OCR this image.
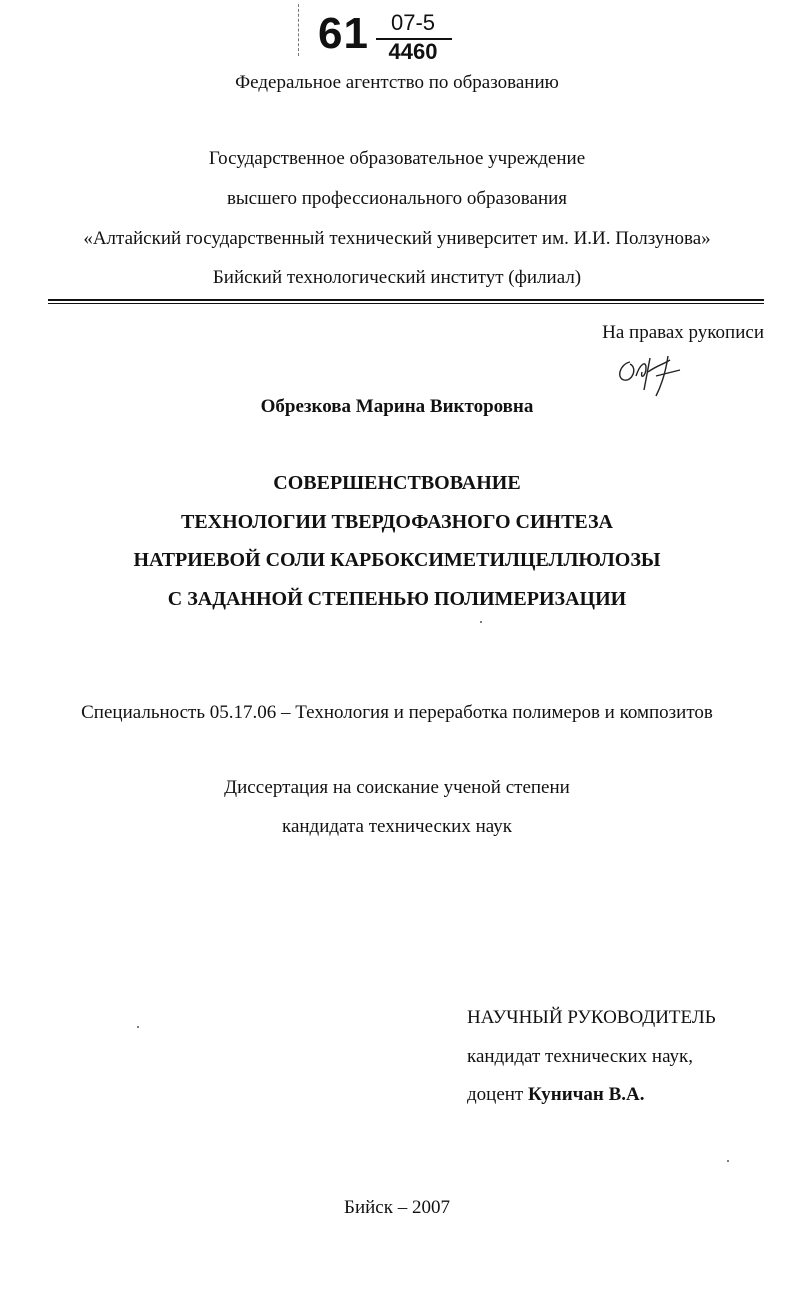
61	07-5
4460
Федеральное агентство по образованию
Государственное образовательное учреждение
высшего профессионального образования
«Алтайский государственный технический университет им. И.И. Ползунова»
Бийский технологический институт (филиал)
На правах рукописи
Обрезкова Марина Викторовна
СОВЕРШЕНСТВОВАНИЕ
ТЕХНОЛОГИИ ТВЕРДОФАЗНОГО СИНТЕЗА
НАТРИЕВОЙ СОЛИ КАРБОКСИМЕТИЛЦЕЛЛЮЛОЗЫ
С ЗАДАННОЙ СТЕПЕНЬЮ ПОЛИМЕРИЗАЦИИ
Специальность 05.17.06 – Технология и переработка полимеров и композитов
Диссертация на соискание ученой степени
кандидата технических наук
НАУЧНЫЙ РУКОВОДИТЕЛЬ
кандидат технических наук,
доцент Куничан В.А.
Бийск – 2007
